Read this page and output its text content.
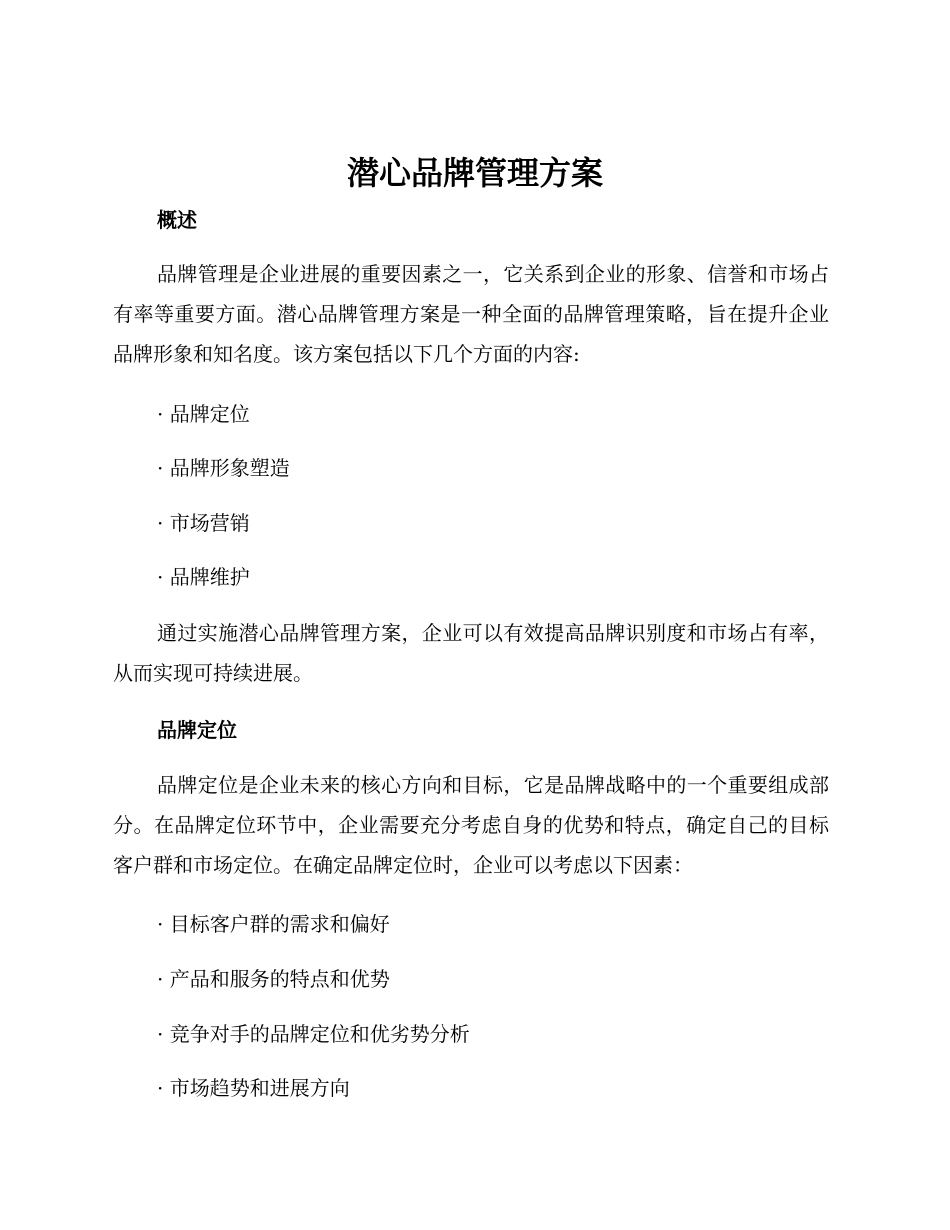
潜心品牌管理方案
概述

品牌管理是企业进展的重要因素之一，它关系到企业的形象、信誉和市场占有率等重要方面。潜心品牌管理方案是一种全面的品牌管理策略，旨在提升企业品牌形象和知名度。该方案包括以下几个方面的内容:

· 品牌定位

· 品牌形象塑造

· 市场营销

· 品牌维护

通过实施潜心品牌管理方案，企业可以有效提高品牌识别度和市场占有率，从而实现可持续进展。

品牌定位

品牌定位是企业未来的核心方向和目标，它是品牌战略中的一个重要组成部分。在品牌定位环节中，企业需要充分考虑自身的优势和特点，确定自己的目标客户群和市场定位。在确定品牌定位时，企业可以考虑以下因素：

· 目标客户群的需求和偏好

· 产品和服务的特点和优势

· 竞争对手的品牌定位和优劣势分析

· 市场趋势和进展方向
